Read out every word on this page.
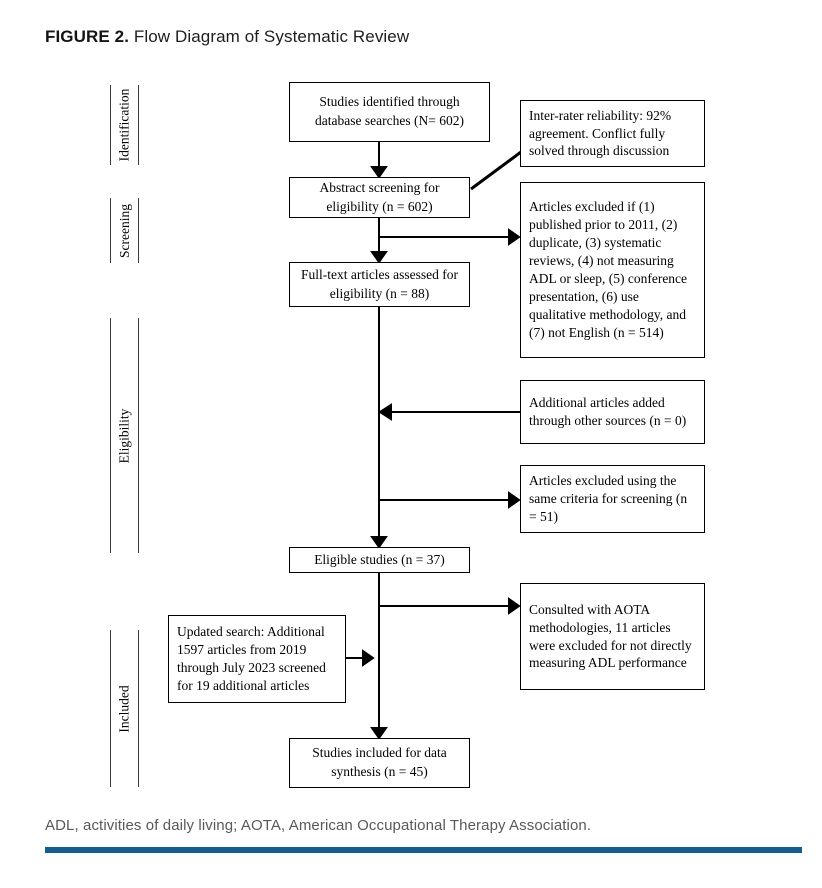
FIGURE 2. Flow Diagram of Systematic Review
Identification
Screening
Eligibility
Included
Studies identified through database searches (N= 602)
Abstract screening for eligibility (n = 602)
Full-text articles assessed for eligibility (n = 88)
Eligible studies (n = 37)
Studies included for data synthesis (n = 45)
Updated search: Additional 1597 articles from 2019 through July 2023 screened for 19 additional articles
Inter-rater reliability: 92% agreement. Conflict fully solved through discussion
Articles excluded if (1) published prior to 2011, (2) duplicate, (3) systematic reviews, (4) not measuring ADL or sleep, (5) conference presentation, (6) use qualitative methodology, and (7) not English (n = 514)
Additional articles added through other sources (n = 0)
Articles excluded using the same criteria for screening (n = 51)
Consulted with AOTA methodologies, 11 articles were excluded for not directly measuring ADL performance
ADL, activities of daily living; AOTA, American Occupational Therapy Association.
